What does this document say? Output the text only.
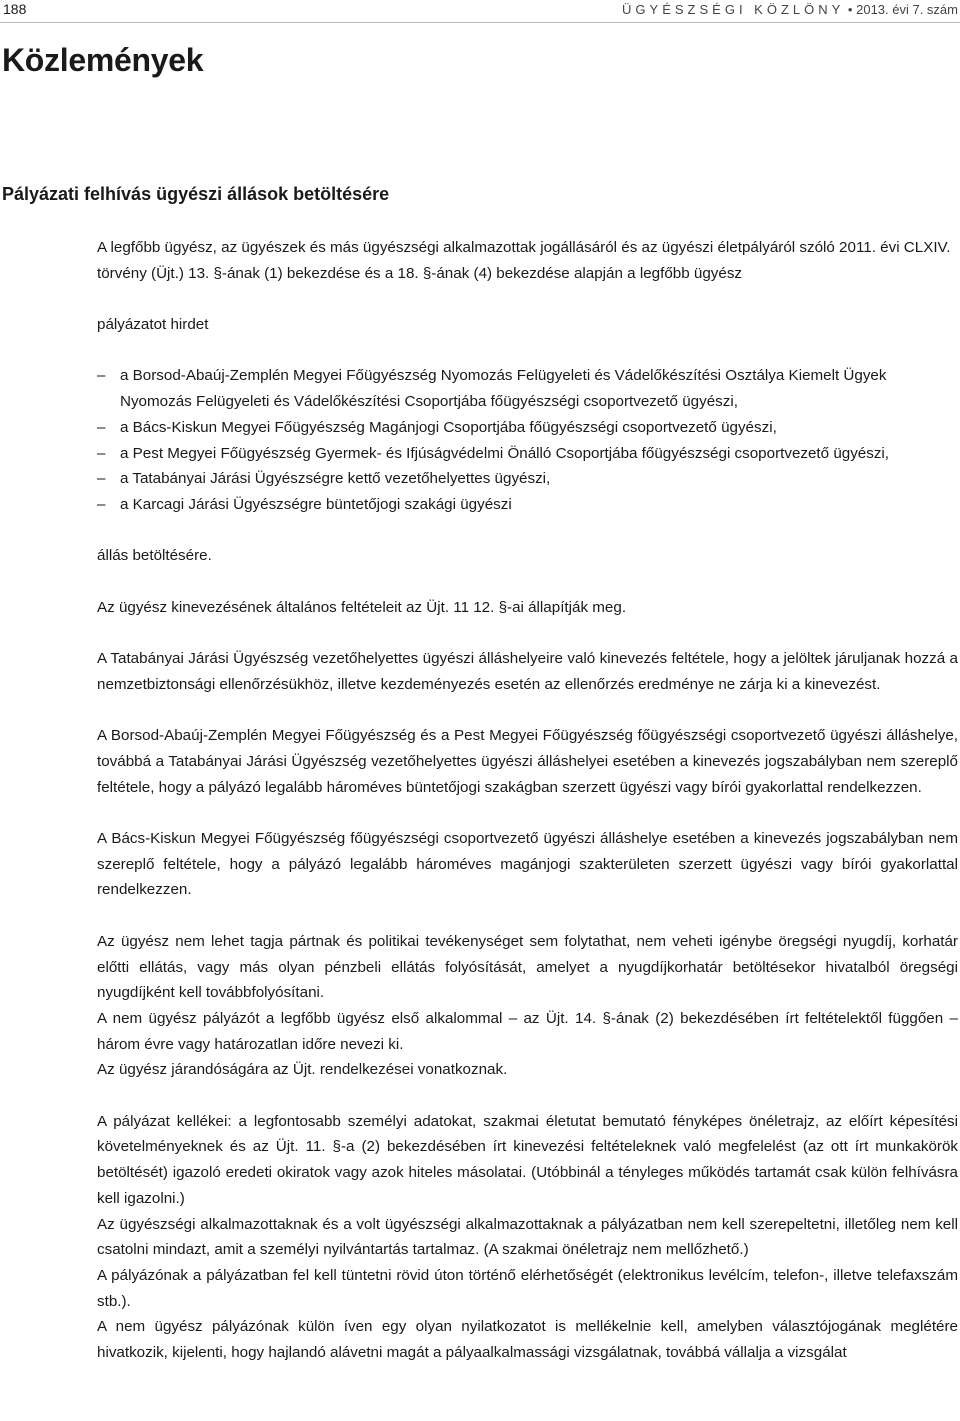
188	ÜGYÉSZSÉGI KÖZLÖNY • 2013. évi 7. szám
Közlemények
Pályázati felhívás ügyészi állások betöltésére

A legfőbb ügyész, az ügyészek és más ügyészségi alkalmazottak jogállásáról és az ügyészi életpályáról szóló 2011. évi CLXIV. törvény (Üjt.) 13. §-ának (1) bekezdése és a 18. §-ának (4) bekezdése alapján a legfőbb ügyész

pályázatot hirdet

– a Borsod-Abaúj-Zemplén Megyei Főügyészség Nyomozás Felügyeleti és Vádelőkészítési Osztálya Kiemelt Ügyek Nyomozás Felügyeleti és Vádelőkészítési Csoportjába főügyészségi csoportvezető ügyészi,
– a Bács-Kiskun Megyei Főügyészség Magánjogi Csoportjába főügyészségi csoportvezető ügyészi,
– a Pest Megyei Főügyészség Gyermek- és Ifjúságvédelmi Önálló Csoportjába főügyészségi csoportvezető ügyészi,
– a Tatabányai Járási Ügyészségre kettő vezetőhelyettes ügyészi,
– a Karcagi Járási Ügyészségre büntetőjogi szakági ügyészi

állás betöltésére.

Az ügyész kinevezésének általános feltételeit az Üjt. 11 12. §-ai állapítják meg.

A Tatabányai Járási Ügyészség vezetőhelyettes ügyészi álláshelyeire való kinevezés feltétele, hogy a jelöltek járuljanak hozzá a nemzetbiztonsági ellenőrzésükhöz, illetve kezdeményezés esetén az ellenőrzés eredménye ne zárja ki a kinevezést.

A Borsod-Abaúj-Zemplén Megyei Főügyészség és a Pest Megyei Főügyészség főügyészségi csoportvezető ügyészi álláshelye, továbbá a Tatabányai Járási Ügyészség vezetőhelyettes ügyészi álláshelyei esetében a kinevezés jogszabályban nem szereplő feltétele, hogy a pályázó legalább hároméves büntetőjogi szakágban szerzett ügyészi vagy bírói gyakorlattal rendelkezzen.

A Bács-Kiskun Megyei Főügyészség főügyészségi csoportvezető ügyészi álláshelye esetében a kinevezés jogszabályban nem szereplő feltétele, hogy a pályázó legalább hároméves magánjogi szakterületen szerzett ügyészi vagy bírói gyakorlattal rendelkezzen.

Az ügyész nem lehet tagja pártnak és politikai tevékenységet sem folytathat, nem veheti igénybe öregségi nyugdíj, korhatár előtti ellátás, vagy más olyan pénzbeli ellátás folyósítását, amelyet a nyugdíjkorhatár betöltésekor hivatalból öregségi nyugdíjként kell továbbfolyósítani.

A nem ügyész pályázót a legfőbb ügyész első alkalommal – az Üjt. 14. §-ának (2) bekezdésében írt feltételektől függően – három évre vagy határozatlan időre nevezi ki.

Az ügyész járandóságára az Üjt. rendelkezései vonatkoznak.

A pályázat kellékei: a legfontosabb személyi adatokat, szakmai életutat bemutató fényképes önéletrajz, az előírt képesítési követelményeknek és az Üjt. 11. §-a (2) bekezdésében írt kinevezési feltételeknek való megfelelést (az ott írt munkakörök betöltését) igazoló eredeti okiratok vagy azok hiteles másolatai. (Utóbbinál a tényleges működés tartamát csak külön felhívásra kell igazolni.)

Az ügyészségi alkalmazottaknak és a volt ügyészségi alkalmazottaknak a pályázatban nem kell szerepeltetni, illetőleg nem kell csatolni mindazt, amit a személyi nyilvántartás tartalmaz. (A szakmai önéletrajz nem mellőzhető.)

A pályázónak a pályázatban fel kell tüntetni rövid úton történő elérhetőségét (elektronikus levélcím, telefon-, illetve telefaxszám stb.).

A nem ügyész pályázónak külön íven egy olyan nyilatkozatot is mellékelnie kell, amelyben választójogának meglétére hivatkozik, kijelenti, hogy hajlandó alávetni magát a pályaalkalmassági vizsgálatnak, továbbá vállalja a vizsgálat
